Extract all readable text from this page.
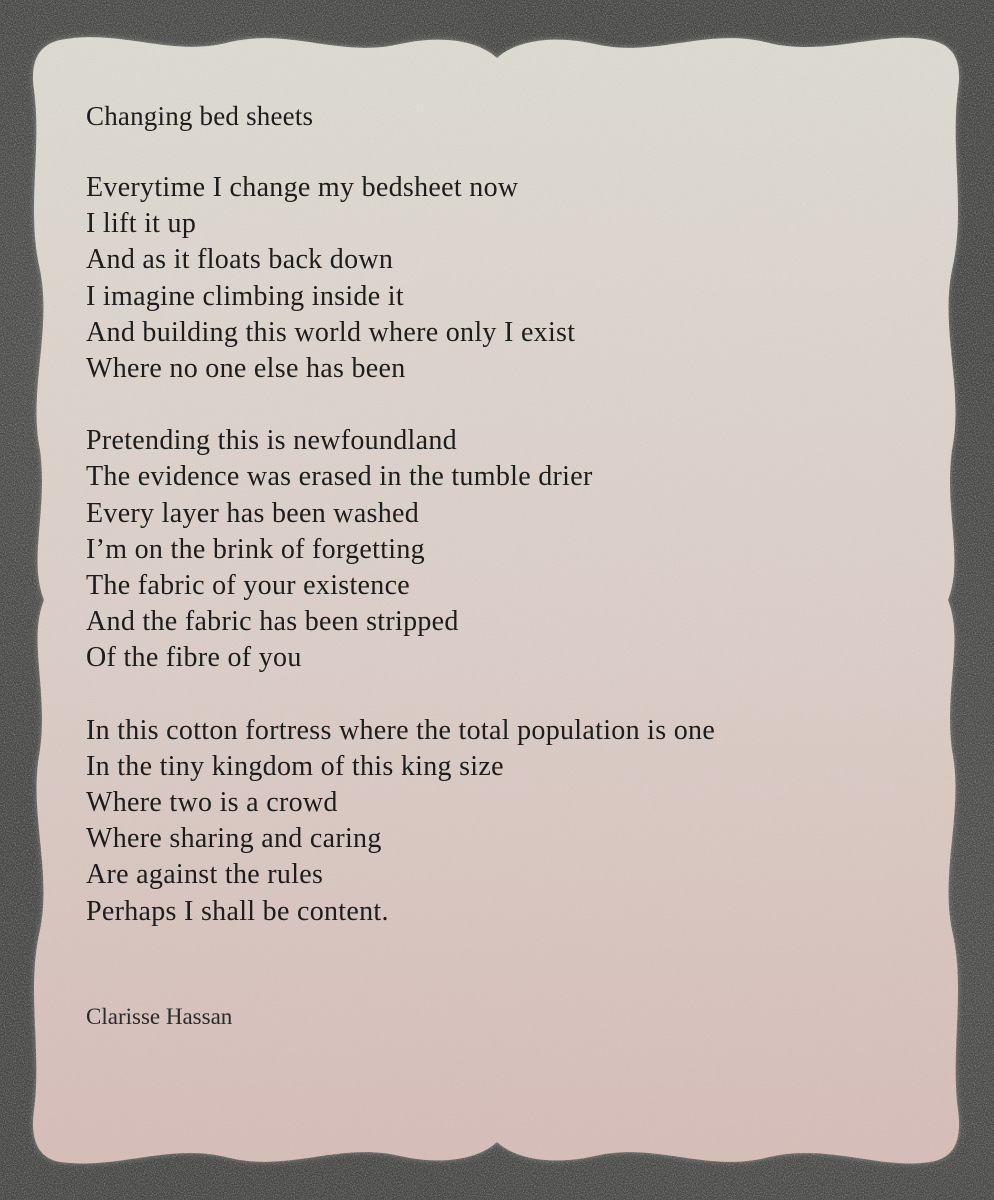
Changing bed sheets
Everytime I change my bedsheet now
I lift it up
And as it floats back down
I imagine climbing inside it
And building this world where only I exist
Where no one else has been
Pretending this is newfoundland
The evidence was erased in the tumble drier
Every layer has been washed
I’m on the brink of forgetting
The fabric of your existence
And the fabric has been stripped
Of the fibre of you
In this cotton fortress where the total population is one
In the tiny kingdom of this king size
Where two is a crowd
Where sharing and caring
Are against the rules
Perhaps I shall be content.
Clarisse Hassan
